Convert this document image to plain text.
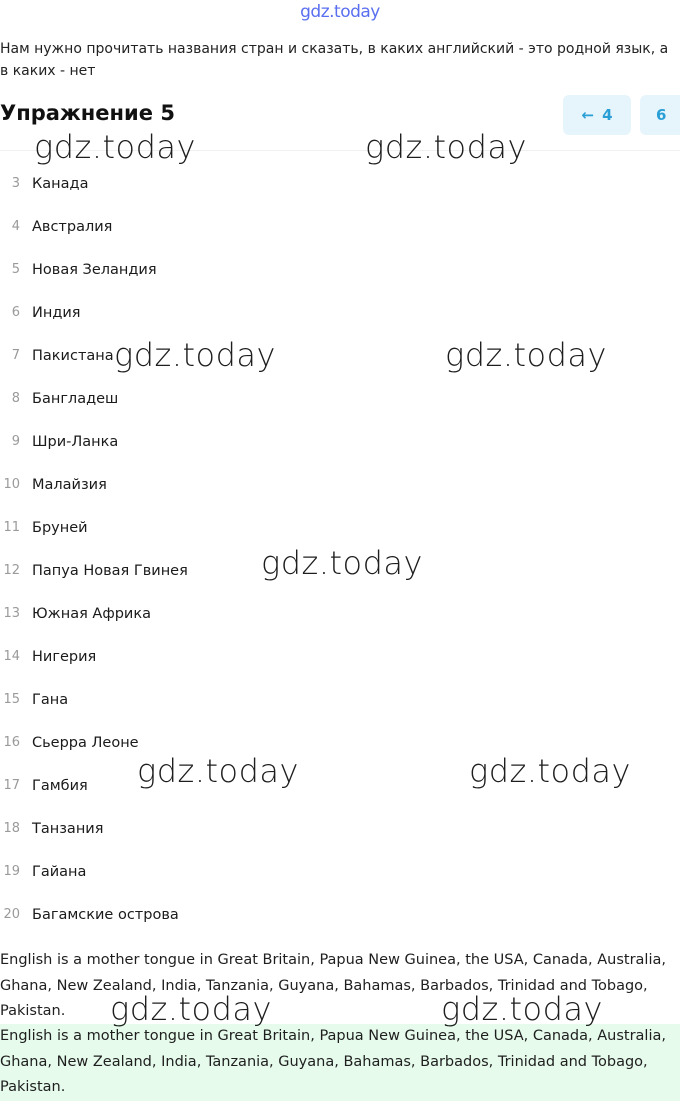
gdz.today
Нам нужно прочитать названия стран и сказать, в каких английский - это родной язык, а в каких - нет
Упражнение 5	← 4	6
3 Канада
4 Австралия
5 Новая Зеландия
6 Индия
7 Пакистана
8 Бангладеш
9 Шри-Ланка
10 Малайзия
11 Бруней
12 Папуа Новая Гвинея
13 Южная Африка
14 Нигерия
15 Гана
16 Сьерра Леоне
17 Гамбия
18 Танзания
19 Гайана
20 Багамские острова
English is a mother tongue in Great Britain, Papua New Guinea, the USA, Canada, Australia, Ghana, New Zealand, India, Tanzania, Guyana, Bahamas, Barbados, Trinidad and Tobago, Pakistan.
English is a mother tongue in Great Britain, Papua New Guinea, the USA, Canada, Australia, Ghana, New Zealand, India, Tanzania, Guyana, Bahamas, Barbados, Trinidad and Tobago, Pakistan.
gdz.today	gdz.today
gdz.today	gdz.today
gdz.today
gdz.today	gdz.today
gdz.today	gdz.today
